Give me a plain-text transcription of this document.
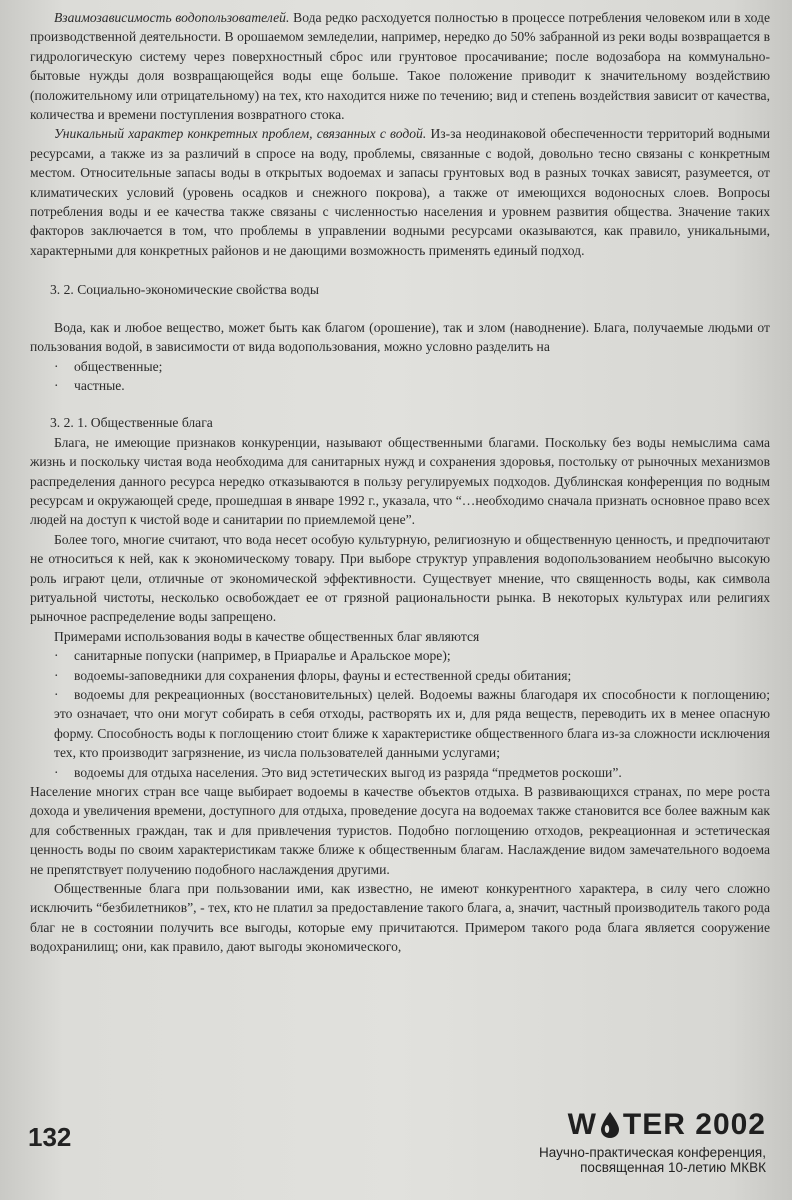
Взаимозависимость водопользователей. Вода редко расходуется полностью в процессе потребления человеком или в ходе производственной деятельности. В орошаемом земледелии, например, нередко до 50% забранной из реки воды возвращается в гидрологическую систему через поверхностный сброс или грунтовое просачивание; после водозабора на коммунально-бытовые нужды доля возвращающейся воды еще больше. Такое положение приводит к значительному воздействию (положительному или отрицательному) на тех, кто находится ниже по течению; вид и степень воздействия зависит от качества, количества и времени поступления возвратного стока.

Уникальный характер конкретных проблем, связанных с водой. Из-за неодинаковой обеспеченности территорий водными ресурсами, а также из за различий в спросе на воду, проблемы, связанные с водой, довольно тесно связаны с конкретным местом. Относительные запасы воды в открытых водоемах и запасы грунтовых вод в разных точках зависят, разумеется, от климатических условий (уровень осадков и снежного покрова), а также от имеющихся водоносных слоев. Вопросы потребления воды и ее качества также связаны с численностью населения и уровнем развития общества. Значение таких факторов заключается в том, что проблемы в управлении водными ресурсами оказываются, как правило, уникальными, характерными для конкретных районов и не дающими возможность применять единый подход.

3. 2. Социально-экономические свойства воды

Вода, как и любое вещество, может быть как благом (орошение), так и злом (наводнение). Блага, получаемые людьми от пользования водой, в зависимости от вида водопользования, можно условно разделить на

·	общественные;
·	частные.
3. 2. 1. Общественные блага

Блага, не имеющие признаков конкуренции, называют общественными благами. Поскольку без воды немыслима сама жизнь и поскольку чистая вода необходима для санитарных нужд и сохранения здоровья, постольку от рыночных механизмов распределения данного ресурса нередко отказываются в пользу регулируемых подходов. Дублинская конференция по водным ресурсам и окружающей среде, прошедшая в январе 1992 г., указала, что “…необходимо сначала признать основное право всех людей на доступ к чистой воде и санитарии по приемлемой цене”.

Более того, многие считают, что вода несет особую культурную, религиозную и общественную ценность, и предпочитают не относиться к ней, как к экономическому товару. При выборе структур управления водопользованием необычно высокую роль играют цели, отличные от экономической эффективности. Существует мнение, что священность воды, как символа ритуальной чистоты, несколько освобождает ее от грязной рациональности рынка. В некоторых культурах или религиях рыночное распределение воды запрещено.

Примерами использования воды в качестве общественных благ являются

·	санитарные попуски (например, в Приаралье и Аральское море);
·	водоемы-заповедники для сохранения флоры, фауны и естественной среды обитания;

· водоемы для рекреационных (восстановительных) целей. Водоемы важны благодаря их способности к поглощению; это означает, что они могут собирать в себя отходы, растворять их и, для ряда веществ, переводить их в менее опасную форму. Способность воды к поглощению стоит ближе к характеристике общественного блага из-за сложности исключения тех, кто производит загрязнение, из числа пользователей данными услугами;

· водоемы для отдыха населения. Это вид эстетических выгод из разряда “предметов роскоши”.

Население многих стран все чаще выбирает водоемы в качестве объектов отдыха. В развивающихся странах, по мере роста дохода и увеличения времени, доступного для отдыха, проведение досуга на водоемах также становится все более важным как для собственных граждан, так и для привлечения туристов. Подобно поглощению отходов, рекреационная и эстетическая ценность воды по своим характеристикам также ближе к общественным благам. Наслаждение видом замечательного водоема не препятствует получению подобного наслаждения другими.

Общественные блага при пользовании ими, как известно, не имеют конкурентного характера, в силу чего сложно исключить “безбилетников”, - тех, кто не платил за предоставление такого блага, а, значит, частный производитель такого рода благ не в состоянии получить все выгоды, которые ему причитаются. Примером такого рода блага является сооружение водохранилищ; они, как правило, дают выгоды экономического,

132	W TER 2002
Научно-практическая конференция,
посвященная 10-летию МКВК
